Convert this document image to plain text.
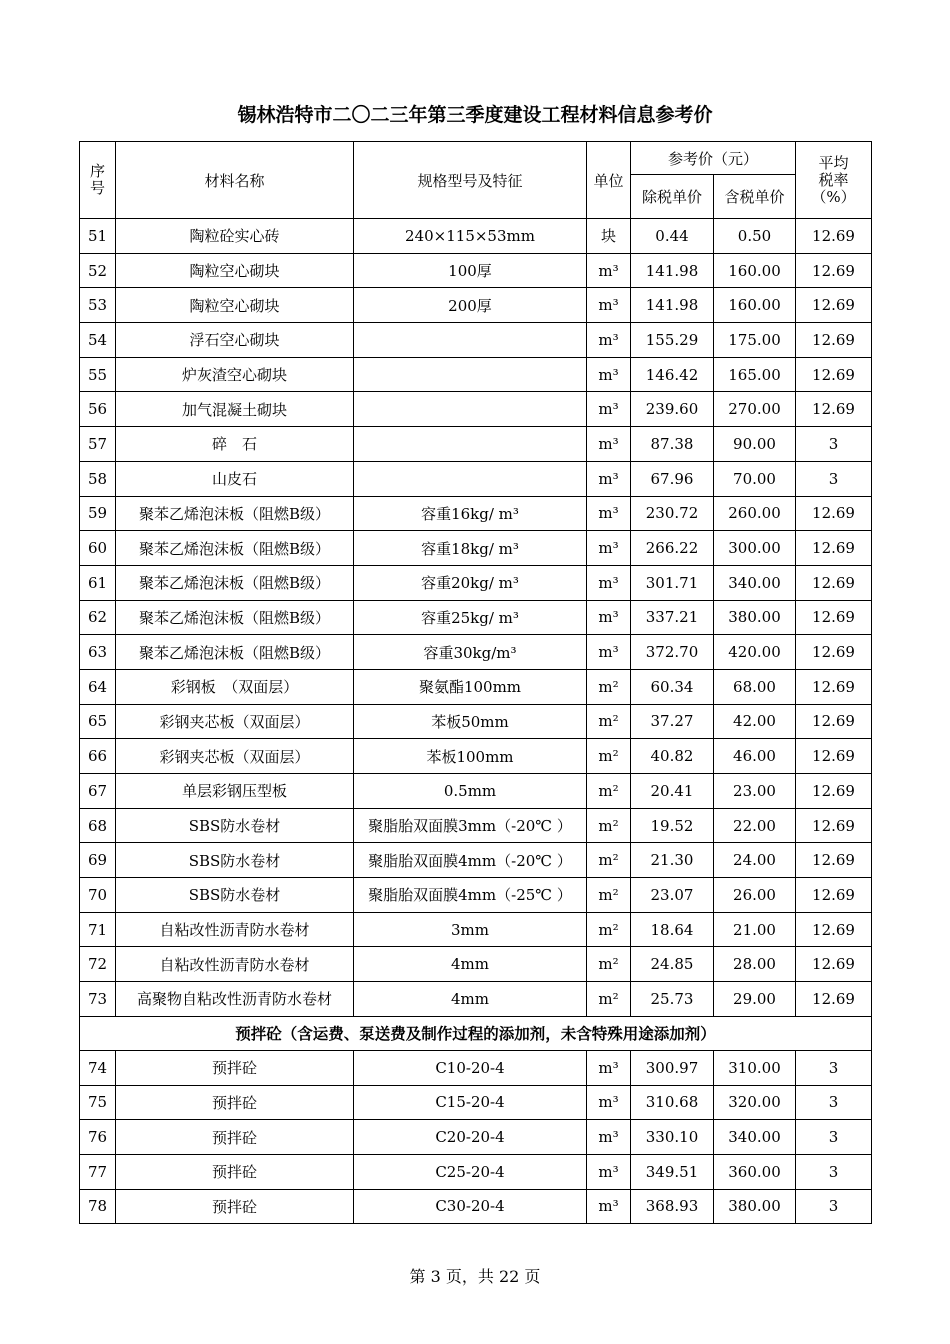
锡林浩特市二〇二三年第三季度建设工程材料信息参考价
序
号	材料名称	规格型号及特征	单位	参考价（元）		平均
税率
（%）
				除税单价	含税单价	
51	陶粒砼实心砖	240×115×53mm	块	0.44	0.50	12.69
52	陶粒空心砌块	100厚	m³	141.98	160.00	12.69
53	陶粒空心砌块	200厚	m³	141.98	160.00	12.69
54	浮石空心砌块		m³	155.29	175.00	12.69
55	炉灰渣空心砌块		m³	146.42	165.00	12.69
56	加气混凝土砌块		m³	239.60	270.00	12.69
57	碎　石		m³	87.38	90.00	3
58	山皮石		m³	67.96	70.00	3
59	聚苯乙烯泡沫板（阻燃B级）	容重16kg/ m³	m³	230.72	260.00	12.69
60	聚苯乙烯泡沫板（阻燃B级）	容重18kg/ m³	m³	266.22	300.00	12.69
61	聚苯乙烯泡沫板（阻燃B级）	容重20kg/ m³	m³	301.71	340.00	12.69
62	聚苯乙烯泡沫板（阻燃B级）	容重25kg/ m³	m³	337.21	380.00	12.69
63	聚苯乙烯泡沫板（阻燃B级）	容重30kg/m³	m³	372.70	420.00	12.69
64	彩钢板　（双面层）	聚氨酯100mm	m²	60.34	68.00	12.69
65	彩钢夹芯板（双面层）	苯板50mm	m²	37.27	42.00	12.69
66	彩钢夹芯板（双面层）	苯板100mm	m²	40.82	46.00	12.69
67	单层彩钢压型板	0.5mm	m²	20.41	23.00	12.69
68	SBS防水卷材	聚脂胎双面膜3mm（-20℃ ）	m²	19.52	22.00	12.69
69	SBS防水卷材	聚脂胎双面膜4mm（-20℃ ）	m²	21.30	24.00	12.69
70	SBS防水卷材	聚脂胎双面膜4mm（-25℃ ）	m²	23.07	26.00	12.69
71	自粘改性沥青防水卷材	3mm	m²	18.64	21.00	12.69
72	自粘改性沥青防水卷材	4mm	m²	24.85	28.00	12.69
73	高聚物自粘改性沥青防水卷材	4mm	m²	25.73	29.00	12.69
预拌砼（含运费、泵送费及制作过程的添加剂，未含特殊用途添加剂）						
74	预拌砼	C10-20-4	m³	300.97	310.00	3
75	预拌砼	C15-20-4	m³	310.68	320.00	3
76	预拌砼	C20-20-4	m³	330.10	340.00	3
77	预拌砼	C25-20-4	m³	349.51	360.00	3
78	预拌砼	C30-20-4	m³	368.93	380.00	3
第 3 页，共 22 页
